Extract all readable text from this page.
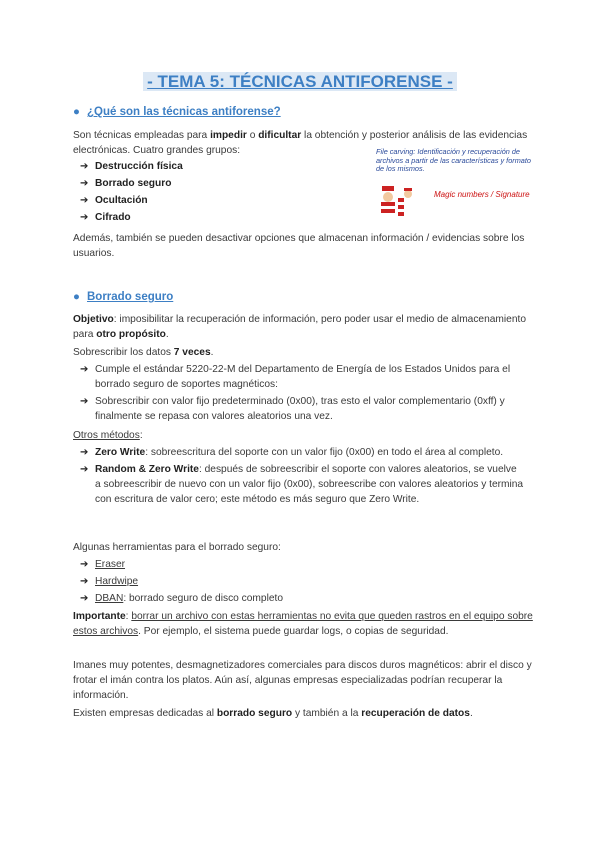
- TEMA 5: TÉCNICAS ANTIFORENSE -
● ¿Qué son las técnicas antiforense?
Son técnicas empleadas para impedir o dificultar la obtención y posterior análisis de las evidencias electrónicas. Cuatro grandes grupos:
➔ Destrucción física
➔ Borrado seguro
➔ Ocultación
➔ Cifrado
File carving: Identificación y recuperación de archivos a partir de las características y formato de los mismos.
Magic numbers / Signature
Además, también se pueden desactivar opciones que almacenan información / evidencias sobre los usuarios.
● Borrado seguro
Objetivo: imposibilitar la recuperación de información, pero poder usar el medio de almacenamiento para otro propósito.
Sobrescribir los datos 7 veces.
➔ Cumple el estándar 5220-22-M del Departamento de Energía de los Estados Unidos para el borrado seguro de soportes magnéticos:
➔ Sobrescribir con valor fijo predeterminado (0x00), tras esto el valor complementario (0xff) y finalmente se repasa con valores aleatorios una vez.
Otros métodos:
➔ Zero Write: sobreescritura del soporte con un valor fijo (0x00) en todo el área al completo.
➔ Random & Zero Write: después de sobreescribir el soporte con valores aleatorios, se vuelve a sobreescribir de nuevo con un valor fijo (0x00), sobreescribe con valores aleatorios y termina con escritura de valor cero; este método es más seguro que Zero Write.
Algunas herramientas para el borrado seguro:
➔ Eraser
➔ Hardwipe
➔ DBAN: borrado seguro de disco completo
Importante: borrar un archivo con estas herramientas no evita que queden rastros en el equipo sobre estos archivos. Por ejemplo, el sistema puede guardar logs, o copias de seguridad.
Imanes muy potentes, desmagnetizadores comerciales para discos duros magnéticos: abrir el disco y frotar el imán contra los platos. Aún así, algunas empresas especializadas podrían recuperar la información.
Existen empresas dedicadas al borrado seguro y también a la recuperación de datos.
